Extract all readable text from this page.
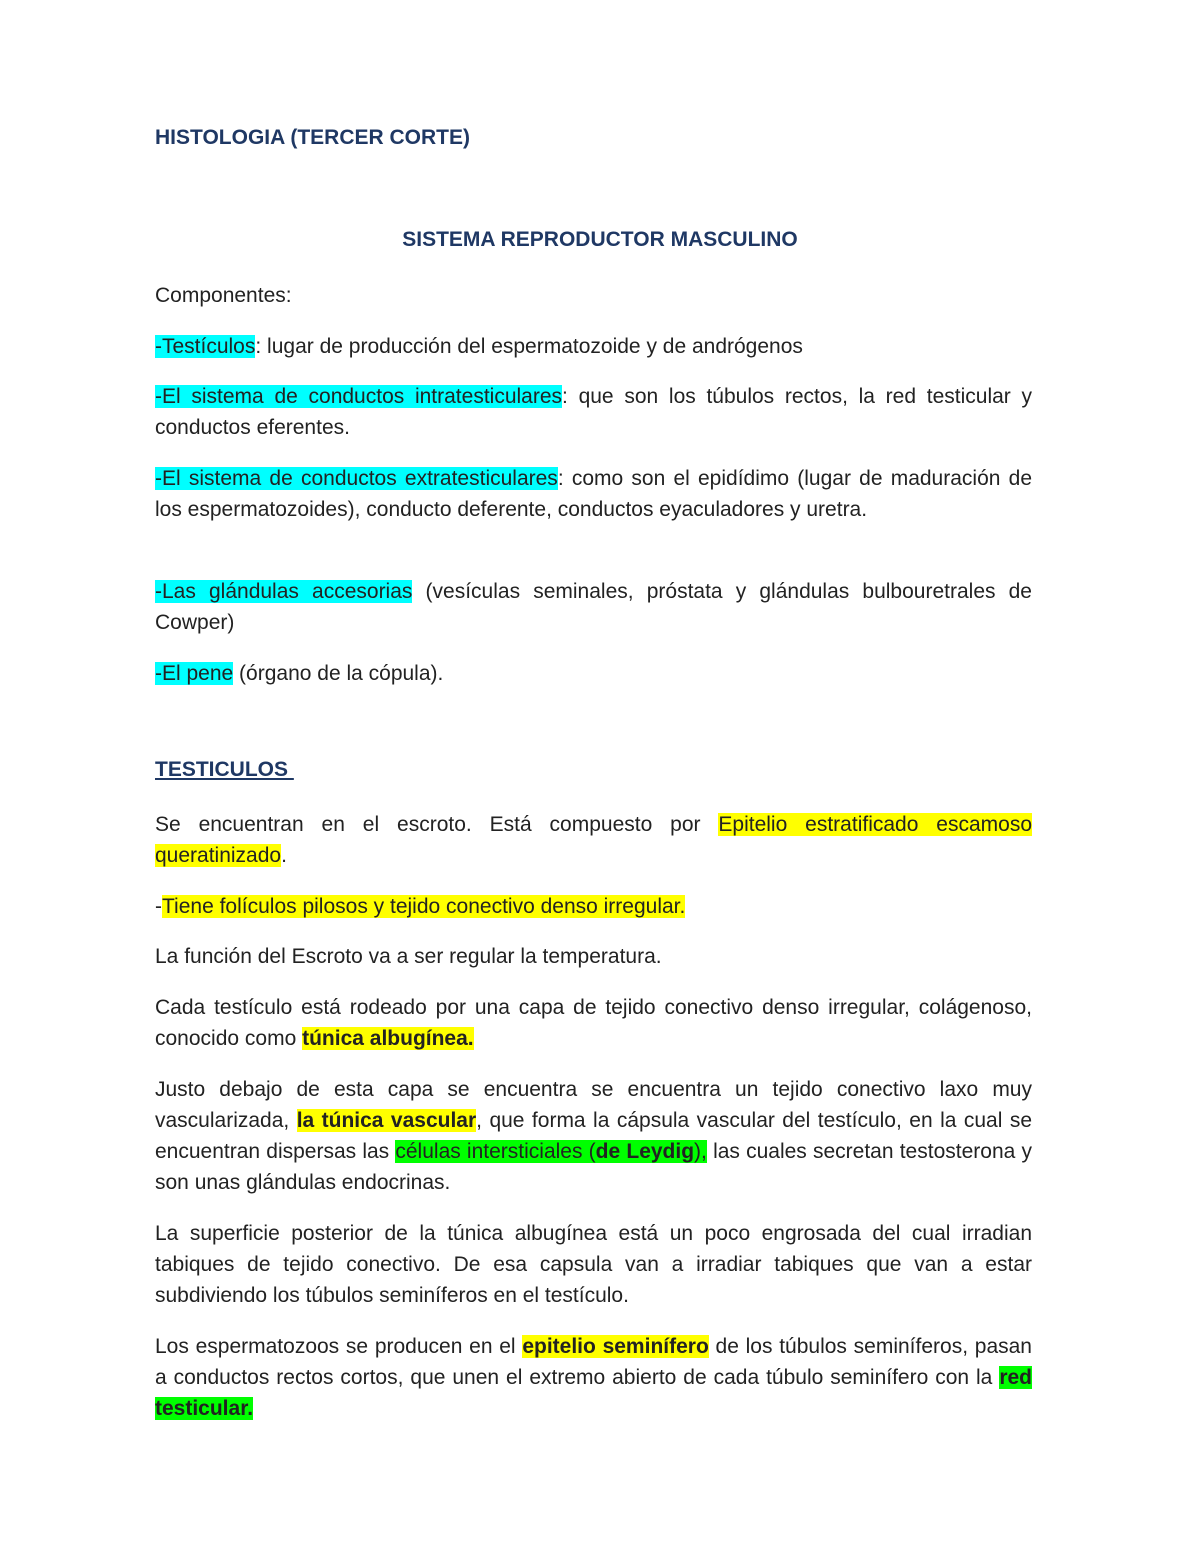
HISTOLOGIA (TERCER CORTE)
SISTEMA REPRODUCTOR MASCULINO

Componentes:

-Testículos: lugar de producción del espermatozoide y de andrógenos

-El sistema de conductos intratesticulares: que son los túbulos rectos, la red testicular y conductos eferentes.

-El sistema de conductos extratesticulares: como son el epidídimo (lugar de maduración de los espermatozoides), conducto deferente, conductos eyaculadores y uretra.

-Las glándulas accesorias (vesículas seminales, próstata y glándulas bulbouretrales de Cowper)

-El pene (órgano de la cópula).

TESTICULOS

Se encuentran en el escroto. Está compuesto por Epitelio estratificado escamoso queratinizado.

-Tiene folículos pilosos y tejido conectivo denso irregular.

La función del Escroto va a ser regular la temperatura.

Cada testículo está rodeado por una capa de tejido conectivo denso irregular, colágenoso, conocido como túnica albugínea.

Justo debajo de esta capa se encuentra se encuentra un tejido conectivo laxo muy vascularizada, la túnica vascular, que forma la cápsula vascular del testículo, en la cual se encuentran dispersas las células intersticiales (de Leydig), las cuales secretan testosterona y son unas glándulas endocrinas.

La superficie posterior de la túnica albugínea está un poco engrosada del cual irradian tabiques de tejido conectivo. De esa capsula van a irradiar tabiques que van a estar subdiviendo los túbulos seminíferos en el testículo.

Los espermatozoos se producen en el epitelio seminífero de los túbulos seminíferos, pasan a conductos rectos cortos, que unen el extremo abierto de cada túbulo seminífero con la red testicular.
